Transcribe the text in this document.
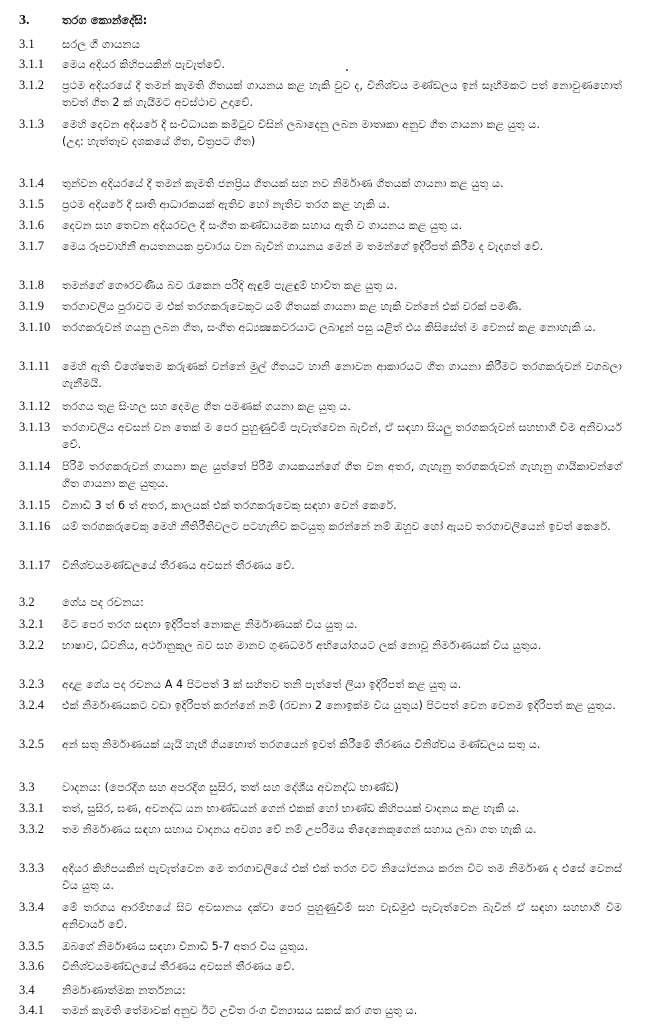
3.	තරග කොන්දේසි:
3.1 සරල ගී ගායනය
3.1.1 මෙය අදියර කිහිපයකින් පැවැත්වේ.
3.1.2 ප්‍රථම අදියරයේ දී තමන් කැමති ගීතයක් ගායනය කළ හැකි වුව ද, විනිශ්චය මණ්ඩලය ඉන් සෑහීමකට පත් නොවුණහොත් තවත් ගීත 2 ක් ගැයීමට අවස්ථාව උදාවේ.
3.1.3 මෙහි දෙවන අදියරේ දී සංවිධායක කමිටුව විසින් ලබාදෙනු ලබන මාතෘකා අනුව ගීත ගායනා කළ යුතු ය.
(උදා: හැත්තෑව දශකයේ ගීත, චිත්‍රපට ගීත)
3.1.4 තුන්වන අදියරයේ දී තමන් කැමති ජනප්‍රිය ගීතයක් සහ නව නිර්මාණ ගීතයක් ගායනා කළ යුතු ය.
3.1.5 ප්‍රථම අදියරේ දී සෘති ආධාරකයක් ඇතිව හෝ නැතිව තරග කළ හැකි ය.
3.1.6 දෙවන සහ තෙවන අදියරවල දී සංගීත කණ්ඩායමක සහාය ඇති ව ගායනය කළ යුතු ය.
3.1.7 මෙය රූපවාහිනී ආයතනයක ප්‍රචාරය වන බැවින් ගායනය මෙන් ම තමන්ගේ ඉදිරිපත් කිරීම ද වැදගත් වේ.
3.1.8 තමන්ගේ ගෞරවණීය බව රැකෙන පරිදි ඇඳුම් පැළඳුම් භාවිත කළ යුතු ය.
3.1.9 තරගාවලිය පුරාවට ම එක් තරගකරුවෙකුට යම් ගීතයක් ගායනා කළ හැකි වන්නේ එක් වරක් පමණි.
3.1.10 තරගකරුවන් ගයනු ලබන ගීත, සංගීත අධ්‍යක්‍ෂකවරයාට ලබාදුන් පසු යළිත් එය කිසිසේත් ම වෙනස් කළ නොහැකි ය.
3.1.11 මෙහි ඇති විශේෂතම කරුණක් වන්නේ මුල් ගීතයට හානි නොවන ආකාරයට ගීත ගායනා කිරීමට තරගකරුවන් වගබලා ගැනීමයි.
3.1.12 තරගය තුළ සිංහල සහ දෙමළ ගීත පමණක් ගයනා කළ යුතු ය.
3.1.13 තරගාවලිය අවසන් වන තෙක් ම පෙර පුහුණුවීම් පැවැත්වෙන බැවින්, ඒ සඳහා සියලු තරගකරුවන් සහභාගී වීම අනිවාර්ය වේ.
3.1.14 පිරිමි තරගකරුවන් ගායනා කළ යුත්තේ පිරිමි ගායකයන්ගේ ගීත වන අතර, ගැහැනු තරගකරුවන් ගැහැනු ගායිකාවන්ගේ ගීත ගායනා කළ යුතුය.
3.1.15 විනාඩි 3 ත් 6 ත් අතර, කාලයක් එක් තරගකරුවෙකු සඳහා වෙන් කෙරේ.
3.1.16 යම් තරගකරුවෙකු මෙහි නීතිරීතිවලට පටහැනිව කටයුතු කරන්නේ නම් ඔහුව හෝ ඇයව තරගාවලියෙන් ඉවත් කෙරේ.
3.1.17 විනිශ්චයමණ්ඩලයේ තීරණය අවසන් තීරණය වේ.
3.2 ගේය පද රචනය:
3.2.1 මීට පෙර තරග සඳහා ඉදිරිපත් නොකළ නිර්මාණයක් විය යුතු ය.
3.2.2 භාෂාව, ධ්වනිය, අර්ථානුකූල බව සහ මානව ගුණධර්ම අභියෝගයට ලක් නොවූ නිර්මාණයක් විය යුතුය.
3.2.3 අදාළ ගේය පද රචනය A 4 පිටපත් 3 ක් සහිතව තනි පැත්තේ ලියා ඉදිරිපත් කළ යුතු ය.
3.2.4 එක් නිර්මාණයකට වඩා ඉදිරිපත් කරන්නේ නම් (රචනා 2 නොඉක්ම විය යුතුය) පිටපත් වෙන වෙනම ඉදිරිපත් කළ යුතුය.
3.2.5 අන් සතු නිර්මාණයක් යැයි හැඟී ගියහොත් තරගයෙන් ඉවත් කිරීමේ තීරණය විනිශ්චය මණ්ඩලය සතු ය.
3.3 වාදනය: (පෙරදිග සහ අපරදිග සුසිර, තත් සහ දේශීය අවනද්ධ භාණ්ඩ)
3.3.1 තත්, සුසිර, ඝණ, අවනද්ධ යන භාණ්ඩයන් ගෙන් එකක් හෝ භාණ්ඩ කිහිපයක් වාදනය කළ හැකි ය.
3.3.2 තම නිර්මාණය සඳහා සහාය වාදනය අවශ්‍ය වේ නම් උපරිමය තිදෙනෙකුගෙන් සහාය ලබා ගත හැකි ය.
3.3.3 අදියර කිහිපයකින් පැවැත්වෙන මෙ තරගාවලියේ එක් එක් තරග වට නියෝජනය කරන විට තම නිර්මාණ ද එසේ වෙනස් විය යුතු ය.
3.3.4 මේ තරගය ආරම්භයේ සිට අවසානය දක්වා පෙර පුහුණුවීම් සහ වැඩමුළු පැවැත්වෙන බැවින් ඒ සඳහා සහභාගී වීම අනිවාර්ය වේ.
3.3.5 ඔබගේ නිර්මාණය සඳහා විනාඩි 5-7 අතර විය යුතුය.
3.3.6 විනිශ්චයමණ්ඩලයේ තීරණය අවසන් තීරණය වේ.
3.4 නිර්මාණාත්මක නර්තනය:
3.4.1 තමන් කැමති තේමාවක් අනුව ඊට උචිත රංග වින්‍යාසය සකස් කර ගත යුතු ය.
